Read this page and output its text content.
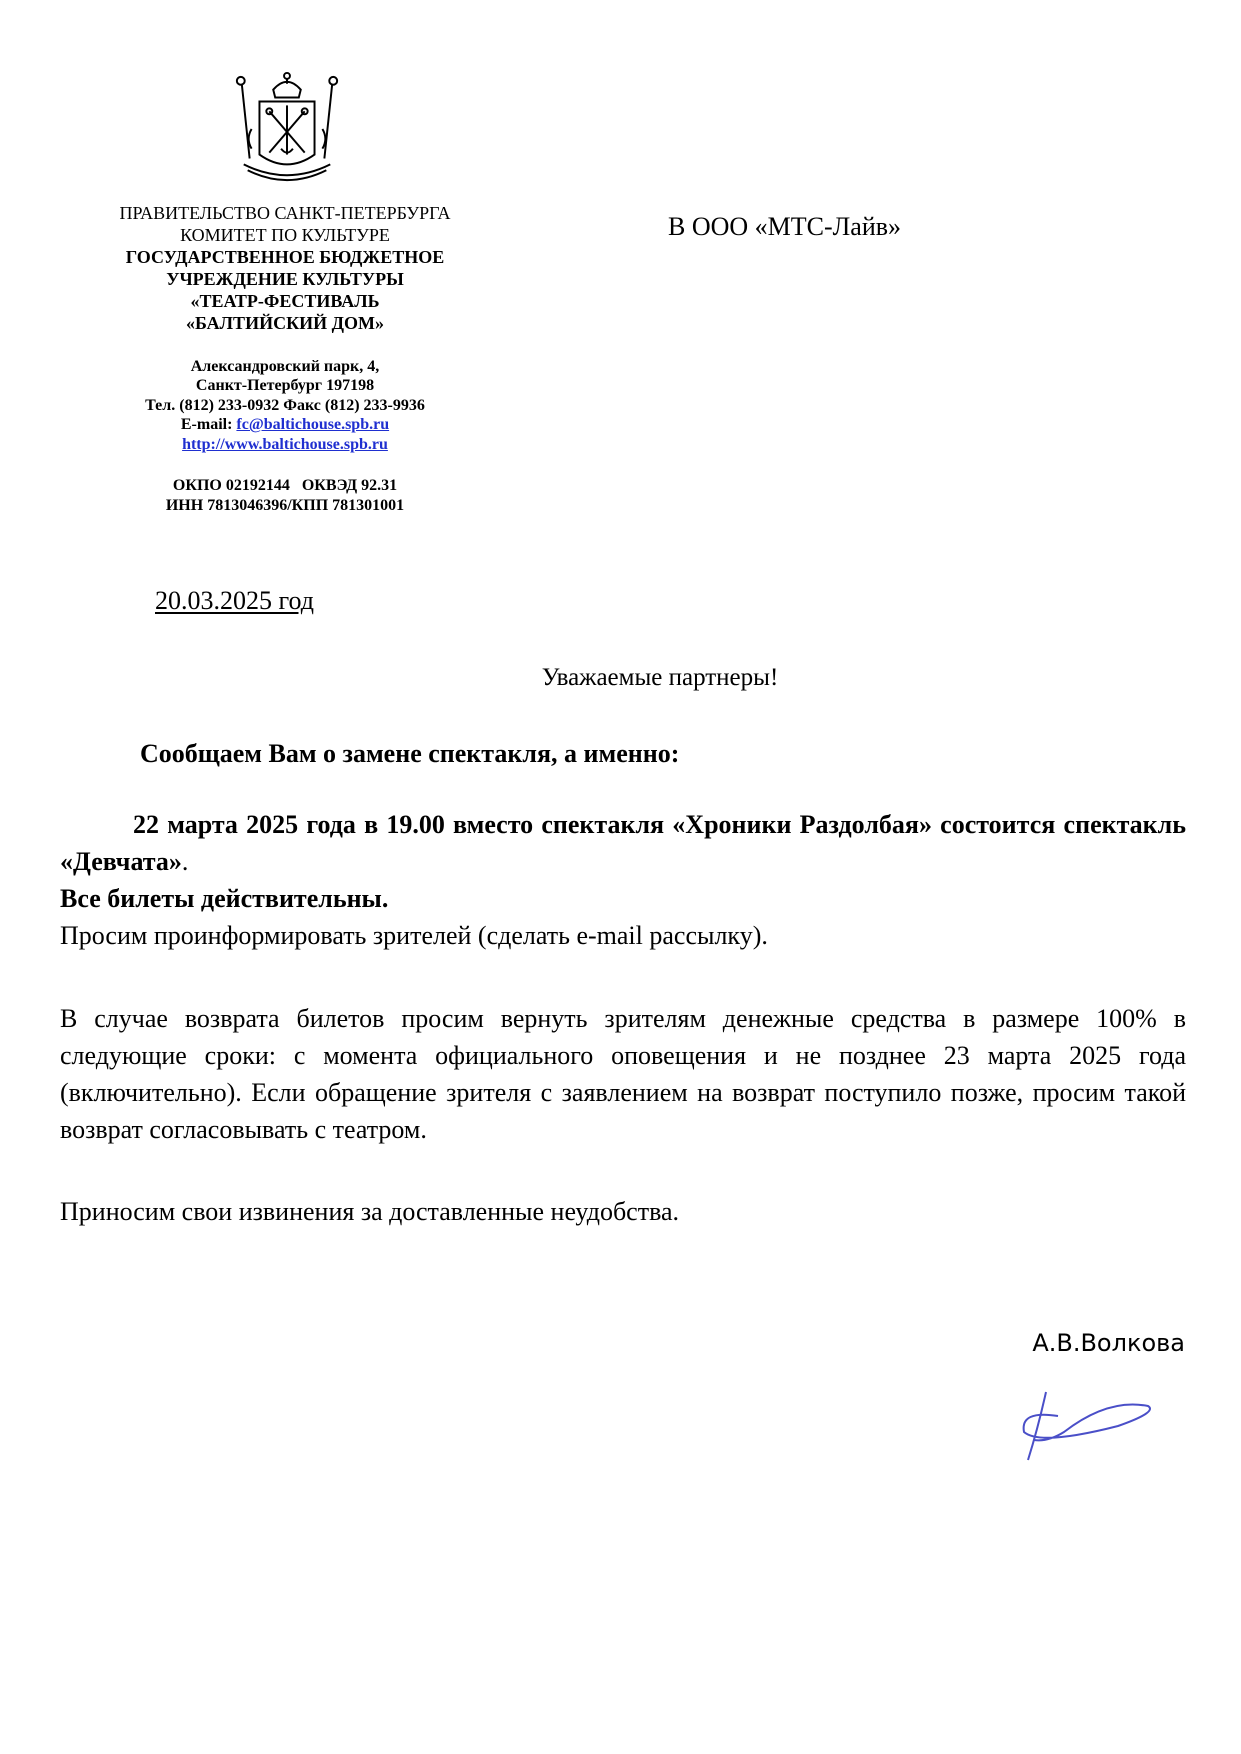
ПРАВИТЕЛЬСТВО САНКТ-ПЕТЕРБУРГА
КОМИТЕТ ПО КУЛЬТУРЕ
ГОСУДАРСТВЕННОЕ БЮДЖЕТНОЕ
УЧРЕЖДЕНИЕ КУЛЬТУРЫ
«ТЕАТР-ФЕСТИВАЛЬ
«БАЛТИЙСКИЙ ДОМ»
Александровский парк, 4,
Санкт-Петербург 197198
Тел. (812) 233-0932 Факс (812) 233-9936
E-mail: fc@baltichouse.spb.ru
http://www.baltichouse.spb.ru
ОКПО 02192144   ОКВЭД 92.31
ИНН 7813046396/КПП 781301001
В ООО «МТС-Лайв»
20.03.2025 год
Уважаемые партнеры!
Сообщаем Вам о замене спектакля, а именно:
22 марта 2025 года в 19.00 вместо спектакля «Хроники Раздолбая» состоится спектакль «Девчата».
Все билеты действительны.
Просим проинформировать зрителей (сделать e-mail рассылку).
В случае возврата билетов просим вернуть зрителям денежные средства в размере 100% в следующие сроки: с момента официального оповещения и не позднее 23 марта 2025 года (включительно). Если обращение зрителя с заявлением на возврат поступило позже, просим такой возврат согласовывать с театром.
Приносим свои извинения за доставленные неудобства.
А.В.Волкова
